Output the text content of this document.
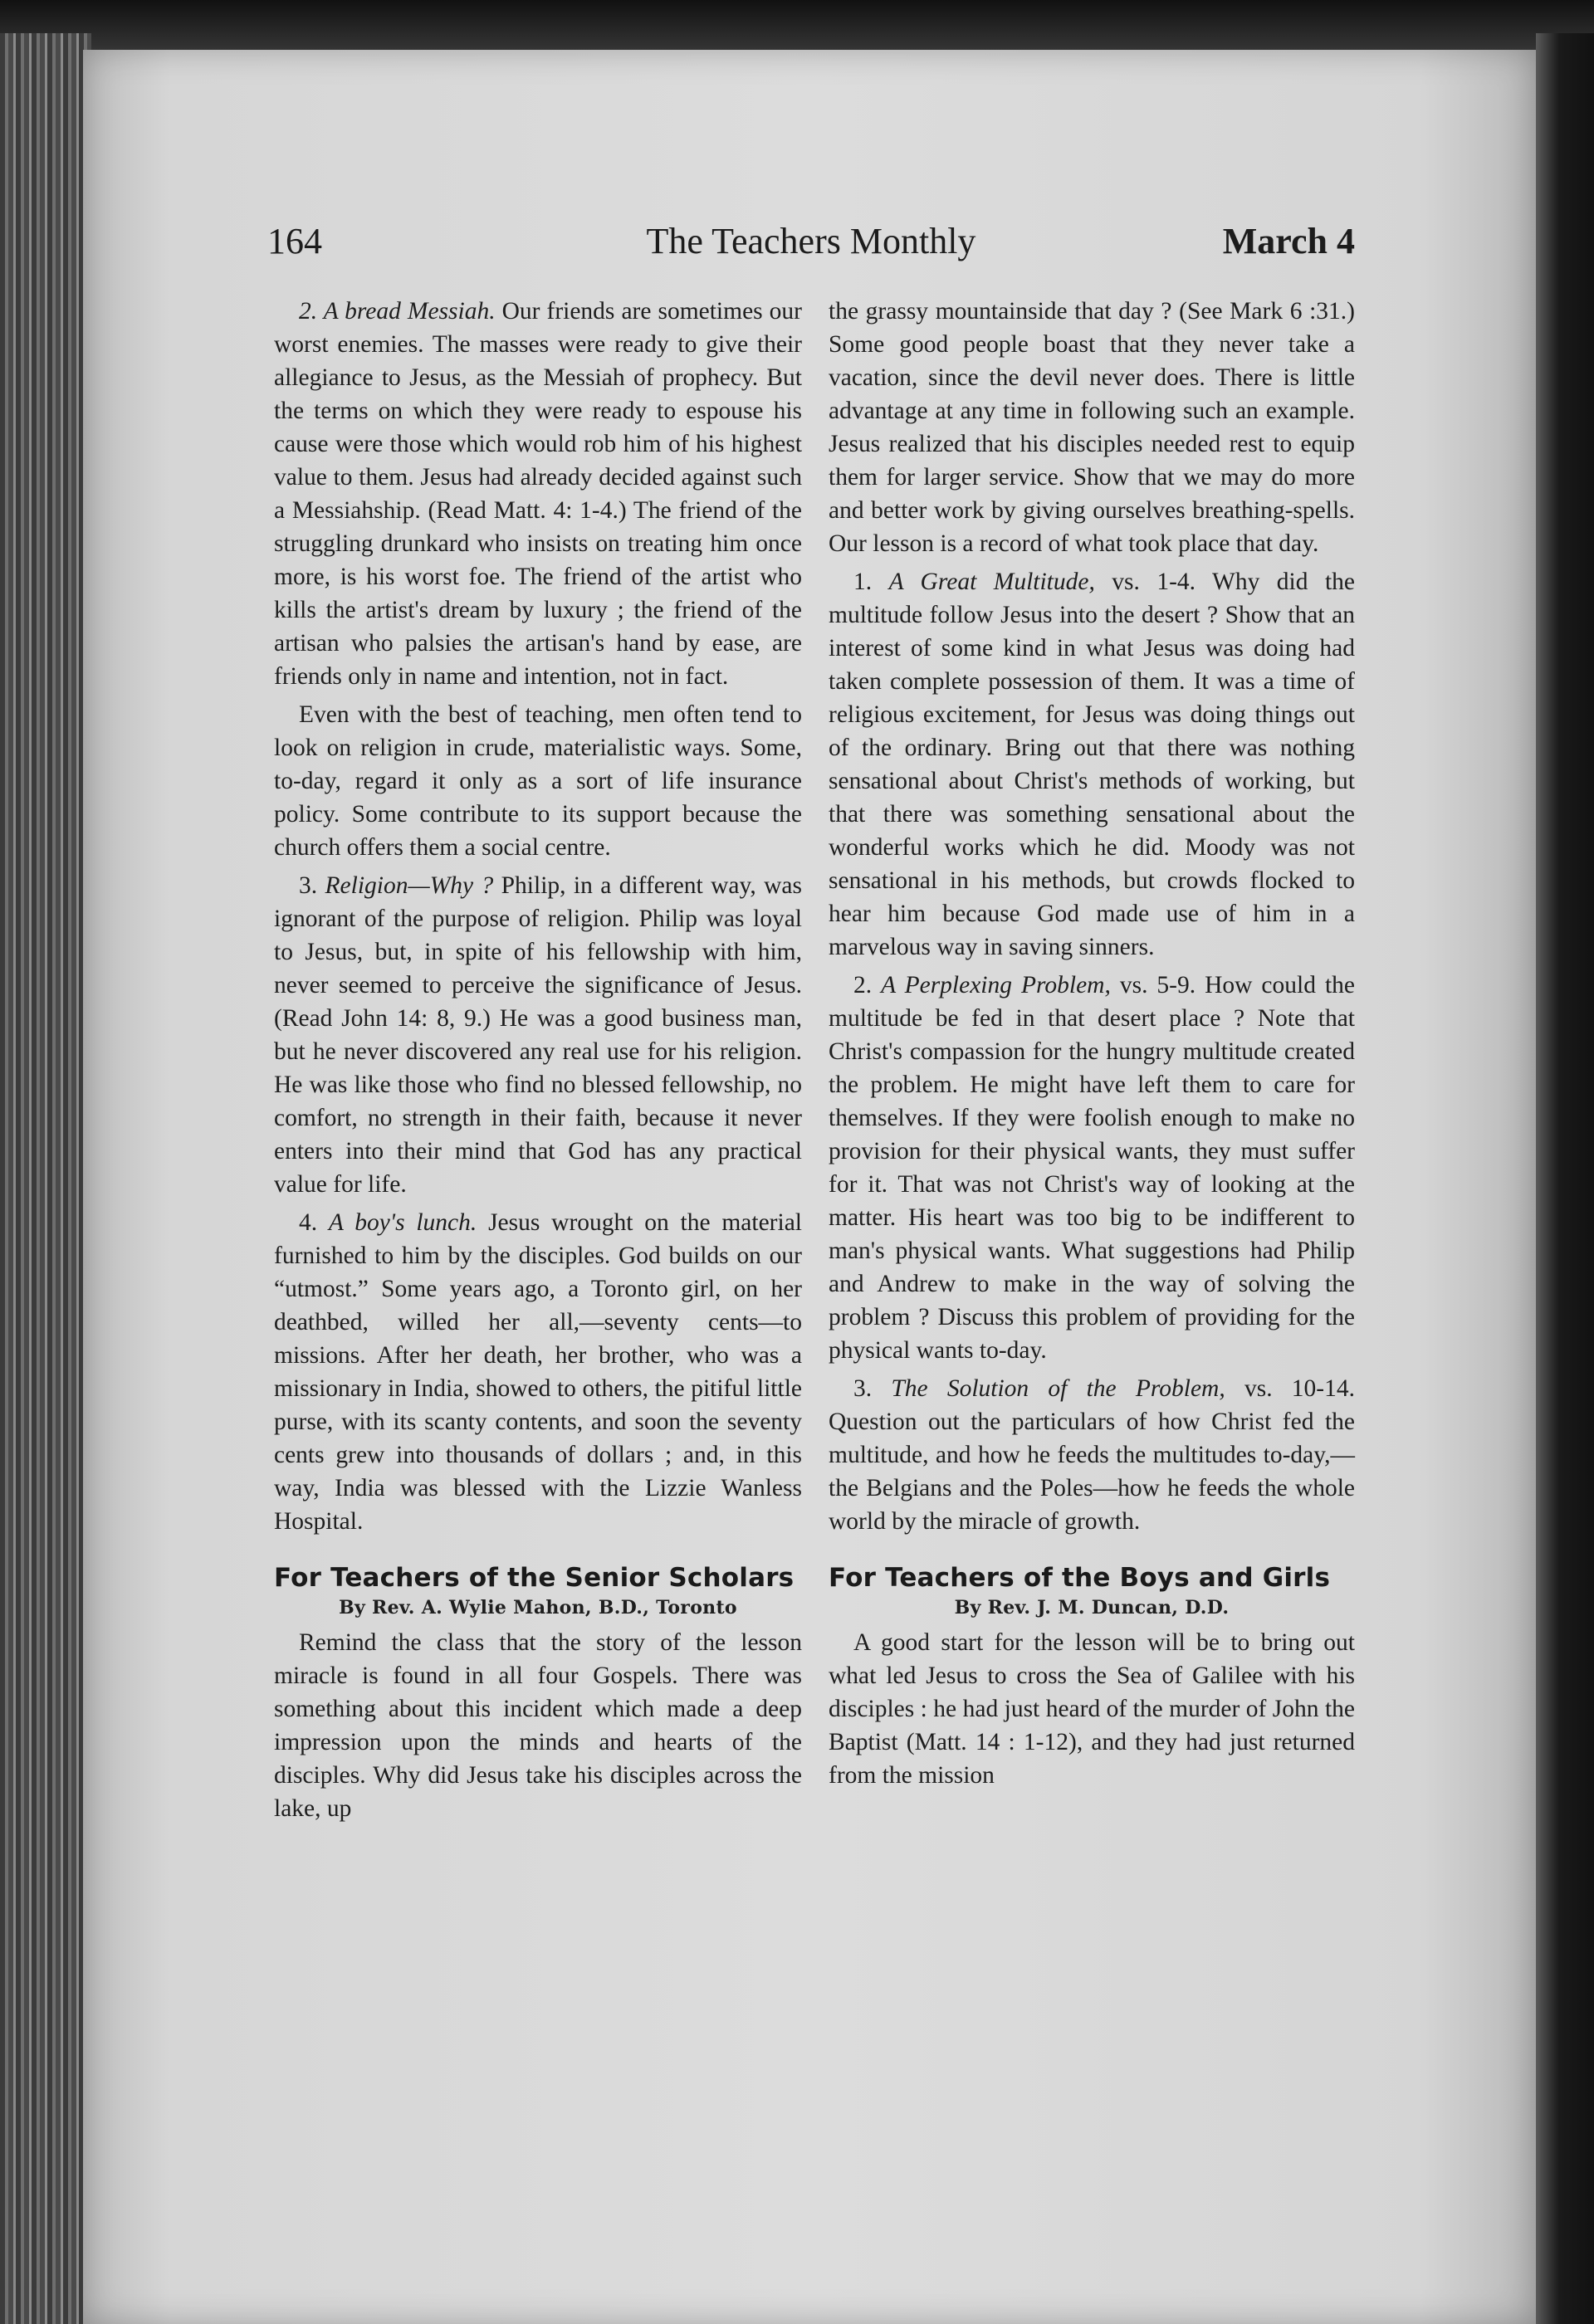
164	The Teachers Monthly	March 4

2. A bread Messiah. Our friends are sometimes our worst enemies. The masses were ready to give their allegiance to Jesus, as the Messiah of prophecy. But the terms on which they were ready to espouse his cause were those which would rob him of his highest value to them. Jesus had already decided against such a Messiahship. (Read Matt. 4: 1-4.) The friend of the struggling drunkard who insists on treating him once more, is his worst foe. The friend of the artist who kills the artist's dream by luxury ; the friend of the artisan who palsies the artisan's hand by ease, are friends only in name and intention, not in fact.

Even with the best of teaching, men often tend to look on religion in crude, materialistic ways. Some, to-day, regard it only as a sort of life insurance policy. Some contribute to its support because the church offers them a social centre.

3. Religion—Why ? Philip, in a different way, was ignorant of the purpose of religion. Philip was loyal to Jesus, but, in spite of his fellowship with him, never seemed to perceive the significance of Jesus. (Read John 14: 8, 9.) He was a good business man, but he never discovered any real use for his religion. He was like those who find no blessed fellowship, no comfort, no strength in their faith, because it never enters into their mind that God has any practical value for life.

4. A boy's lunch. Jesus wrought on the material furnished to him by the disciples. God builds on our “utmost.” Some years ago, a Toronto girl, on her deathbed, willed her all,—seventy cents—to missions. After her death, her brother, who was a missionary in India, showed to others, the pitiful little purse, with its scanty contents, and soon the seventy cents grew into thousands of dollars ; and, in this way, India was blessed with the Lizzie Wanless Hospital.

For Teachers of the Senior Scholars
By Rev. A. Wylie Mahon, B.D., Toronto

Remind the class that the story of the lesson miracle is found in all four Gospels. There was something about this incident which made a deep impression upon the minds and hearts of the disciples. Why did Jesus take his disciples across the lake, up

the grassy mountainside that day ? (See Mark 6 :31.) Some good people boast that they never take a vacation, since the devil never does. There is little advantage at any time in following such an example. Jesus realized that his disciples needed rest to equip them for larger service. Show that we may do more and better work by giving ourselves breathing-spells. Our lesson is a record of what took place that day.

1. A Great Multitude, vs. 1-4. Why did the multitude follow Jesus into the desert ? Show that an interest of some kind in what Jesus was doing had taken complete possession of them. It was a time of religious excitement, for Jesus was doing things out of the ordinary. Bring out that there was nothing sensational about Christ's methods of working, but that there was something sensational about the wonderful works which he did. Moody was not sensational in his methods, but crowds flocked to hear him because God made use of him in a marvelous way in saving sinners.

2. A Perplexing Problem, vs. 5-9. How could the multitude be fed in that desert place ? Note that Christ's compassion for the hungry multitude created the problem. He might have left them to care for themselves. If they were foolish enough to make no provision for their physical wants, they must suffer for it. That was not Christ's way of looking at the matter. His heart was too big to be indifferent to man's physical wants. What suggestions had Philip and Andrew to make in the way of solving the problem ? Discuss this problem of providing for the physical wants to-day.

3. The Solution of the Problem, vs. 10-14. Question out the particulars of how Christ fed the multitude, and how he feeds the multitudes to-day,—the Belgians and the Poles—how he feeds the whole world by the miracle of growth.

For Teachers of the Boys and Girls
By Rev. J. M. Duncan, D.D.

A good start for the lesson will be to bring out what led Jesus to cross the Sea of Galilee with his disciples : he had just heard of the murder of John the Baptist (Matt. 14 : 1-12), and they had just returned from the mission
